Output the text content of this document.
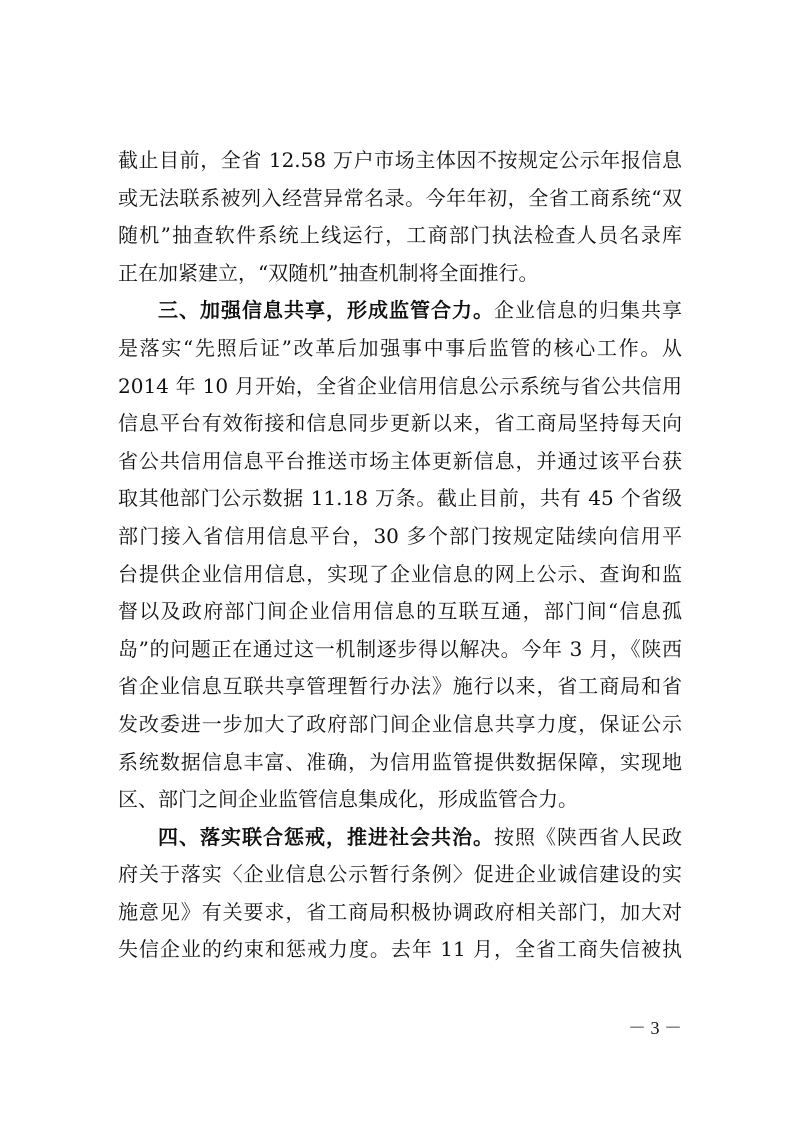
截止目前，全省 12.58 万户市场主体因不按规定公示年报信息
或无法联系被列入经营异常名录。今年年初，全省工商系统“双
随机”抽查软件系统上线运行，工商部门执法检查人员名录库
正在加紧建立，“双随机”抽查机制将全面推行。
三、加强信息共享，形成监管合力。企业信息的归集共享
是落实“先照后证”改革后加强事中事后监管的核心工作。从
2014 年 10 月开始，全省企业信用信息公示系统与省公共信用
信息平台有效衔接和信息同步更新以来，省工商局坚持每天向
省公共信用信息平台推送市场主体更新信息，并通过该平台获
取其他部门公示数据 11.18 万条。截止目前，共有 45 个省级
部门接入省信用信息平台，30 多个部门按规定陆续向信用平
台提供企业信用信息，实现了企业信息的网上公示、查询和监
督以及政府部门间企业信用信息的互联互通，部门间“信息孤
岛”的问题正在通过这一机制逐步得以解决。今年 3 月，《陕西
省企业信息互联共享管理暂行办法》施行以来，省工商局和省
发改委进一步加大了政府部门间企业信息共享力度，保证公示
系统数据信息丰富、准确，为信用监管提供数据保障，实现地
区、部门之间企业监管信息集成化，形成监管合力。
四、落实联合惩戒，推进社会共治。按照《陕西省人民政
府关于落实〈企业信息公示暂行条例〉促进企业诚信建设的实
施意见》有关要求，省工商局积极协调政府相关部门，加大对
失信企业的约束和惩戒力度。去年 11 月，全省工商失信被执
－ 3 －
